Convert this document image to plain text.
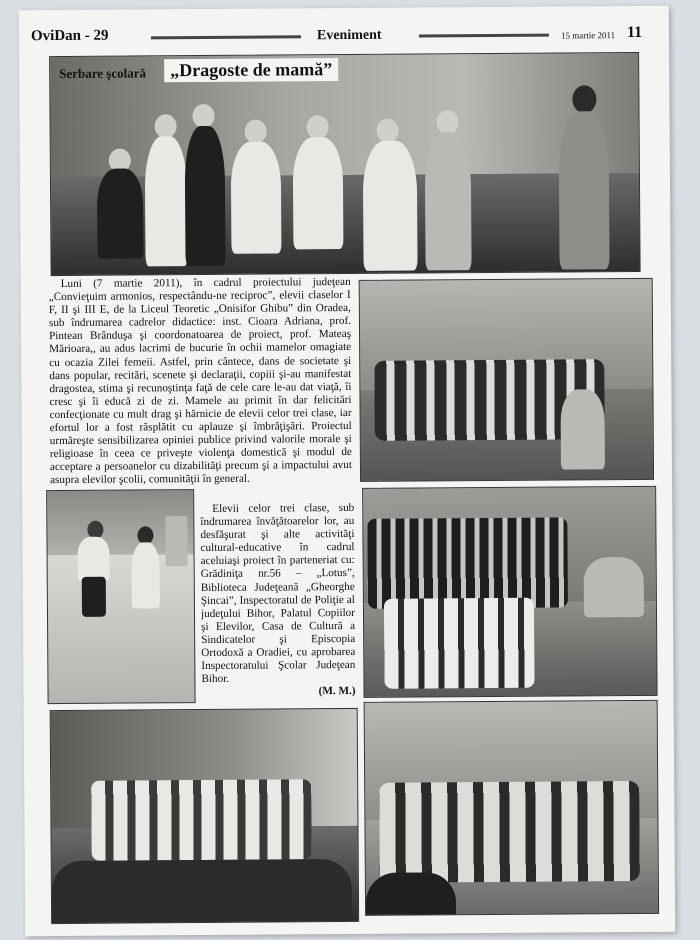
OviDan - 29	Eveniment	15 martie 2011 11
Serbare şcolară	„Dragoste de mamă”

Luni (7 martie 2011), în cadrul proiectului judeţean „Convieţuim armonios, respectându-ne reciproc”, elevii claselor I F, II şi III E, de la Liceul Teoretic „Onisifor Ghibu” din Oradea, sub îndrumarea cadrelor didactice: inst. Cioara Adriana, prof. Pintean Brânduşa şi coordonatoarea de proiect, prof. Mateaş Mărioara,, au adus lacrimi de bucurie în ochii mamelor omagiate cu ocazia Zilei femeii. Astfel, prin cântece, dans de societate şi dans popular, recitări, scenete şi declaraţii, copiii şi-au manifestat dragostea, stima şi recunoştinţa faţă de cele care le-au dat viaţă, îi cresc şi îi educă zi de zi. Mamele au primit în dar felicitări confecţionate cu mult drag şi hărnicie de elevii celor trei clase, iar efortul lor a fost răsplătit cu aplauze şi îmbrăţişări. Proiectul urmăreşte sensibilizarea opiniei publice privind valorile morale şi religioase în ceea ce priveşte violenţa domestică şi modul de acceptare a persoanelor cu dizabilităţi precum şi a impactului avut asupra elevilor şcolii, comunităţii în general.

Elevii celor trei clase, sub îndrumarea învăţătoarelor lor, au desfăşurat şi alte activităţi cultural-educative în cadrul aceluiaşi proiect în parteneriat cu: Grădiniţa nr.56 – „Lotus”, Biblioteca Judeţeană „Gheorghe Şincai”, Inspectoratul de Poliţie al judeţului Bihor, Palatul Copiilor şi Elevilor, Casa de Cultură a Sindicatelor şi Episcopia Ortodoxă a Oradiei, cu aprobarea Inspectoratului Şcolar Judeţean Bihor.

(M. M.)
